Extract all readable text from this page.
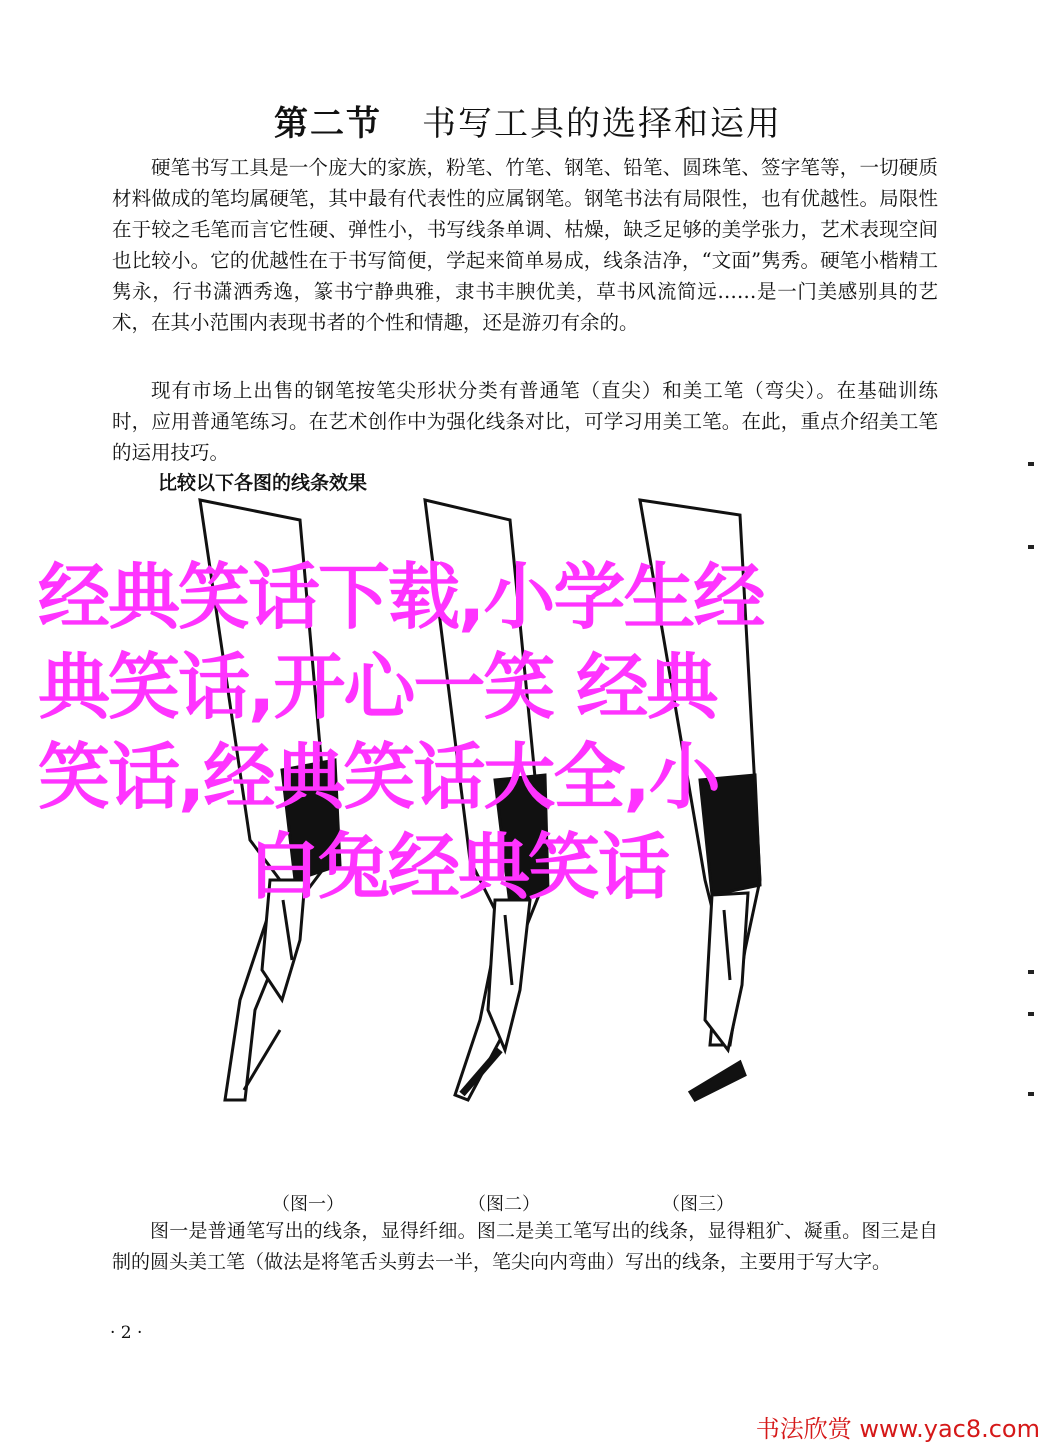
第二节 书写工具的选择和运用

硬笔书写工具是一个庞大的家族，粉笔、竹笔、钢笔、铅笔、圆珠笔、签字笔等，一切硬质材料做成的笔均属硬笔，其中最有代表性的应属钢笔。钢笔书法有局限性，也有优越性。局限性在于较之毛笔而言它性硬、弹性小，书写线条单调、枯燥，缺乏足够的美学张力，艺术表现空间也比较小。它的优越性在于书写简便，学起来简单易成，线条洁净，“文面”隽秀。硬笔小楷精工隽永，行书潇洒秀逸，篆书宁静典雅，隶书丰腴优美，草书风流简远……是一门美感别具的艺术，在其小范围内表现书者的个性和情趣，还是游刃有余的。

现有市场上出售的钢笔按笔尖形状分类有普通笔（直尖）和美工笔（弯尖）。在基础训练时，应用普通笔练习。在艺术创作中为强化线条对比，可学习用美工笔。在此，重点介绍美工笔的运用技巧。

比较以下各图的线条效果
（图一）	（图二）	（图三）

图一是普通笔写出的线条，显得纤细。图二是美工笔写出的线条，显得粗犷、凝重。图三是自制的圆头美工笔（做法是将笔舌头剪去一半，笔尖向内弯曲）写出的线条，主要用于写大字。

· 2 ·
经典笑话下载,小学生经
典笑话,开心一笑 经典
笑话,经典笑话大全,小
　　　白兔经典笑话
书法欣赏 www.yac8.com
